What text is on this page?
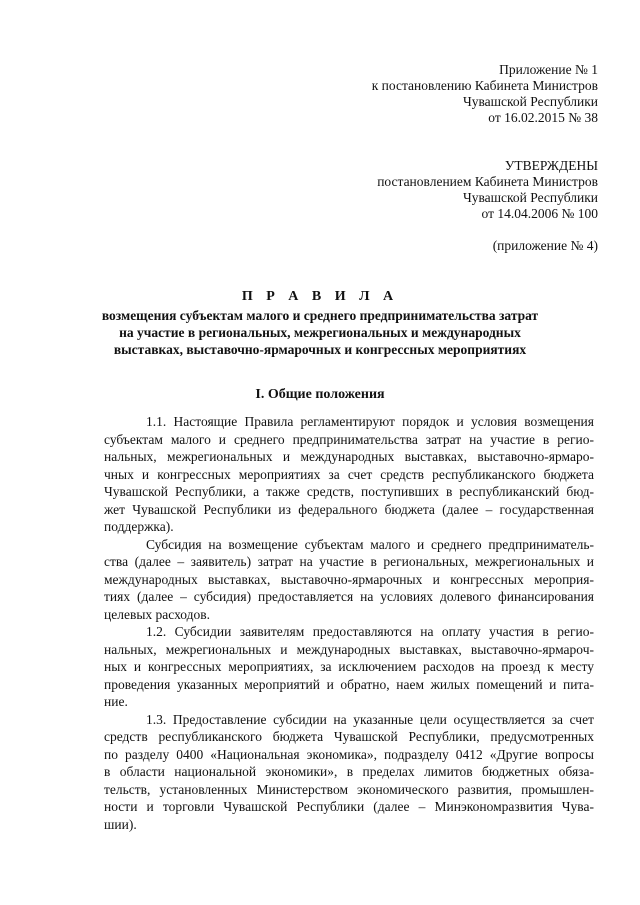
Приложение № 1
к постановлению Кабинета Министров
Чувашской Республики
от 16.02.2015 № 38
УТВЕРЖДЕНЫ
постановлением Кабинета Министров
Чувашской Республики
от 14.04.2006 № 100
(приложение № 4)
П Р А В И Л А
возмещения субъектам малого и среднего предпринимательства затрат
на участие в региональных, межрегиональных и международных
выставках, выставочно-ярмарочных и конгрессных мероприятиях
I. Общие положения
1.1. Настоящие Правила регламентируют порядок и условия возмещения
субъектам малого и среднего предпринимательства затрат на участие в регио-
нальных, межрегиональных и международных выставках, выставочно-ярмаро-
чных и конгрессных мероприятиях за счет средств республиканского бюджета
Чувашской Республики, а также средств, поступивших в республиканский бюд-
жет Чувашской Республики из федерального бюджета (далее – государственная
поддержка).
Субсидия на возмещение субъектам малого и среднего предприниматель-
ства (далее – заявитель) затрат на участие в региональных, межрегиональных и
международных выставках, выставочно-ярмарочных и конгрессных мероприя-
тиях (далее – субсидия) предоставляется на условиях долевого финансирования
целевых расходов.
1.2. Субсидии заявителям предоставляются на оплату участия в регио-
нальных, межрегиональных и международных выставках, выставочно-ярмароч-
ных и конгрессных мероприятиях, за исключением расходов на проезд к месту
проведения указанных мероприятий и обратно, наем жилых помещений и пита-
ние.
1.3. Предоставление субсидии на указанные цели осуществляется за счет
средств республиканского бюджета Чувашской Республики, предусмотренных
по разделу 0400 «Национальная экономика», подразделу 0412 «Другие вопросы
в области национальной экономики», в пределах лимитов бюджетных обяза-
тельств, установленных Министерством экономического развития, промышлен-
ности и торговли Чувашской Республики (далее – Минэкономразвития Чува-
шии).
